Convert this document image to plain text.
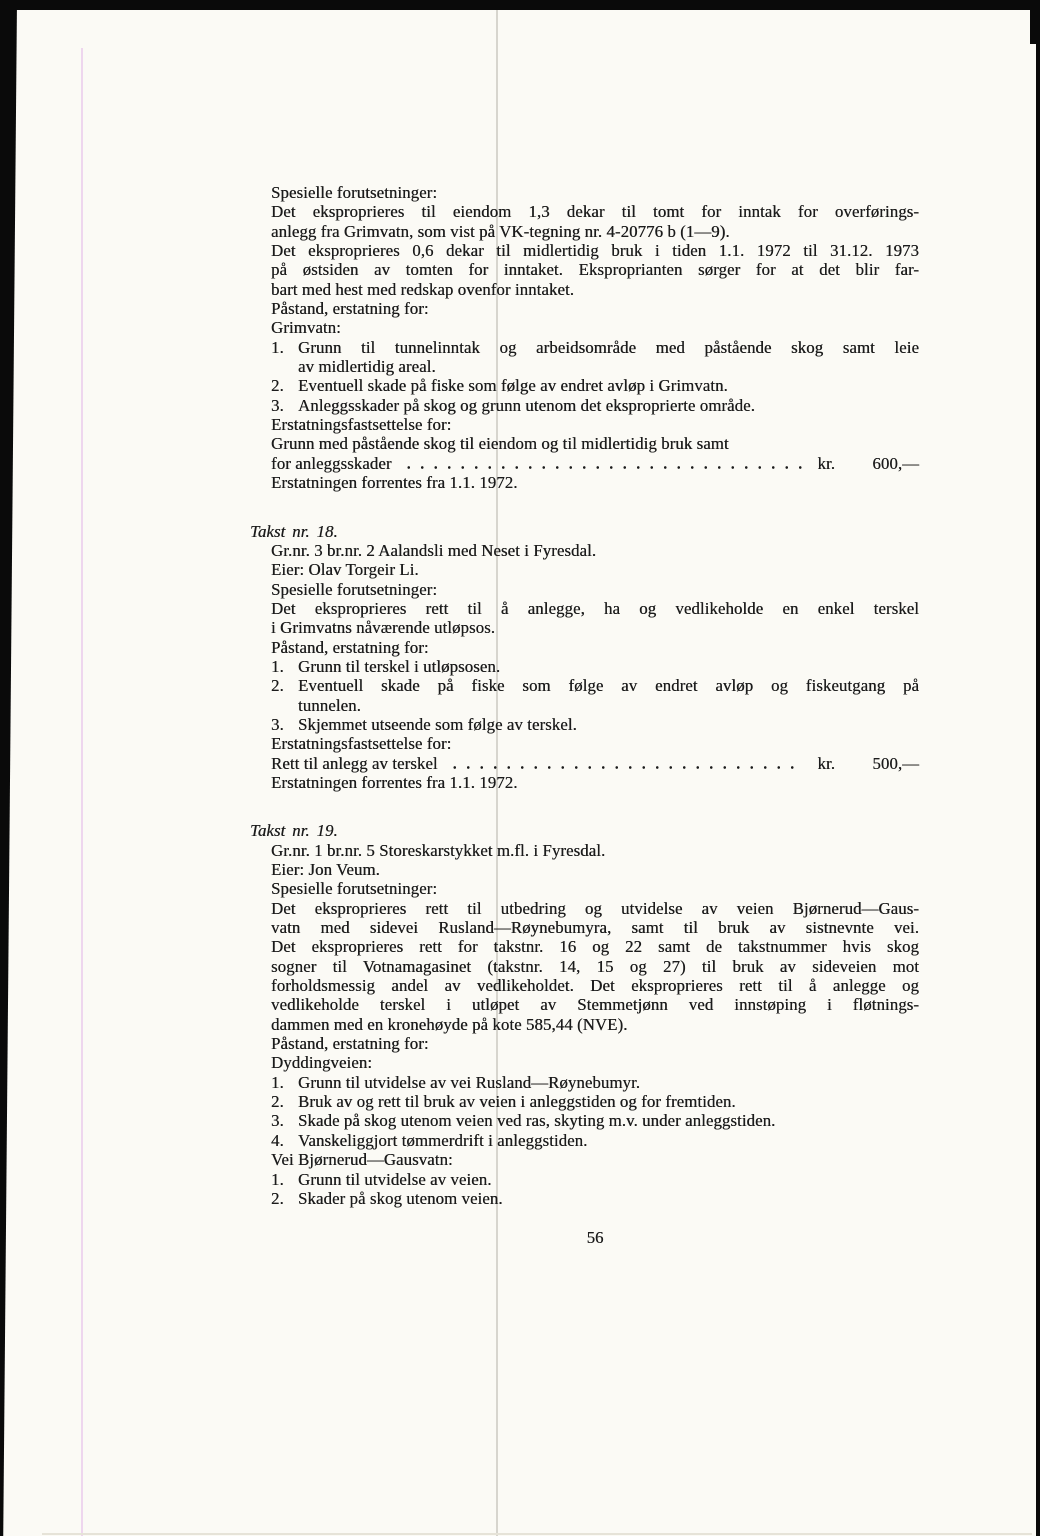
Spesielle forutsetninger:
Det eksproprieres til eiendom 1,3 dekar til tomt for inntak for overførings-
anlegg fra Grimvatn, som vist på VK-tegning nr. 4-20776 b (1—9).
Det eksproprieres 0,6 dekar til midlertidig bruk i tiden 1.1. 1972 til 31.12. 1973
på østsiden av tomten for inntaket. Eksproprianten sørger for at det blir far-
bart med hest med redskap ovenfor inntaket.
Påstand, erstatning for:
Grimvatn:
1. Grunn til tunnelinntak og arbeidsområde med påstående skog samt leie
av midlertidig areal.
2. Eventuell skade på fiske som følge av endret avløp i Grimvatn.
3. Anleggsskader på skog og grunn utenom det eksproprierte område.
Erstatningsfastsettelse for:
Grunn med påstående skog til eiendom og til midlertidig bruk samt
for anleggsskader	kr.	600,—
Erstatningen forrentes fra 1.1. 1972.
Takst nr. 18.
Gr.nr. 3 br.nr. 2 Aalandsli med Neset i Fyresdal.
Eier: Olav Torgeir Li.
Spesielle forutsetninger:
Det eksproprieres rett til å anlegge, ha og vedlikeholde en enkel terskel
i Grimvatns nåværende utløpsos.
Påstand, erstatning for:
1. Grunn til terskel i utløpsosen.
2. Eventuell skade på fiske som følge av endret avløp og fiskeutgang på
tunnelen.
3. Skjemmet utseende som følge av terskel.
Erstatningsfastsettelse for:
Rett til anlegg av terskel	kr.	500,—
Erstatningen forrentes fra 1.1. 1972.
Takst nr. 19.
Gr.nr. 1 br.nr. 5 Storeskarstykket m.fl. i Fyresdal.
Eier: Jon Veum.
Spesielle forutsetninger:
Det eksproprieres rett til utbedring og utvidelse av veien Bjørnerud—Gaus-
vatn med sidevei Rusland—Røynebumyra, samt til bruk av sistnevnte vei.
Det eksproprieres rett for takstnr. 16 og 22 samt de takstnummer hvis skog
sogner til Votnamagasinet (takstnr. 14, 15 og 27) til bruk av sideveien mot
forholdsmessig andel av vedlikeholdet. Det eksproprieres rett til å anlegge og
vedlikeholde terskel i utløpet av Stemmetjønn ved innstøping i fløtnings-
dammen med en kronehøyde på kote 585,44 (NVE).
Påstand, erstatning for:
Dyddingveien:
1. Grunn til utvidelse av vei Rusland—Røynebumyr.
2. Bruk av og rett til bruk av veien i anleggstiden og for fremtiden.
3. Skade på skog utenom veien ved ras, skyting m.v. under anleggstiden.
4. Vanskeliggjort tømmerdrift i anleggstiden.
Vei Bjørnerud—Gausvatn:
1. Grunn til utvidelse av veien.
2. Skader på skog utenom veien.
56
